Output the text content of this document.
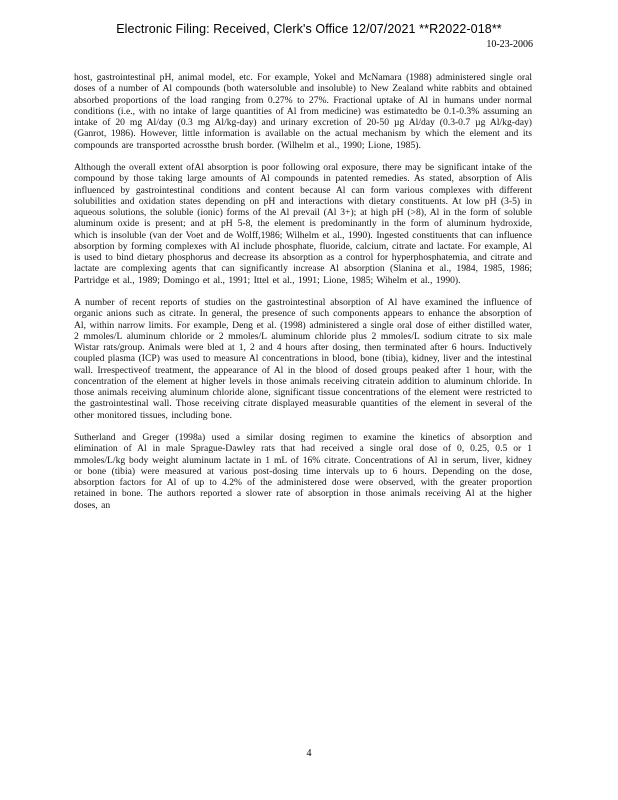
Electronic Filing: Received, Clerk's Office 12/07/2021 **R2022-018**
10-23-2006

host, gastrointestinal pH, animal model, etc. For example, Yokel and McNamara (1988) administered single oral doses of a number of Al compounds (both watersoluble and insoluble) to New Zealand white rabbits and obtained absorbed proportions of the load ranging from 0.27% to 27%. Fractional uptake of Al in humans under normal conditions (i.e., with no intake of large quantities of Al from medicine) was estimatedto be 0.1-0.3% assuming an intake of 20 mg Al/day (0.3 mg Al/kg-day) and urinary excretion of 20-50 µg Al/day (0.3-0.7 µg Al/kg-day) (Ganrot, 1986). However, little information is available on the actual mechanism by which the element and its compounds are transported acrossthe brush border. (Wilhelm et al., 1990; Lione, 1985).

Although the overall extent ofAl absorption is poor following oral exposure, there may be significant intake of the compound by those taking large amounts of Al compounds in patented remedies. As stated, absorption of Alis influenced by gastrointestinal conditions and content because Al can form various complexes with different solubilities and oxidation states depending on pH and interactions with dietary constituents. At low pH (3-5) in aqueous solutions, the soluble (ionic) forms of the Al prevail (Al 3+); at high pH (>8), Al in the form of soluble aluminum oxide is present; and at pH 5-8, the element is predominantly in the form of aluminum hydroxide, which is insoluble (van der Voet and de Wolff,1986; Wilhelm et al., 1990). Ingested constituents that can influence absorption by forming complexes with Al include phosphate, fluoride, calcium, citrate and lactate. For example, Al is used to bind dietary phosphorus and decrease its absorption as a control for hyperphosphatemia, and citrate and lactate are complexing agents that can significantly increase Al absorption (Slanina et al., 1984, 1985, 1986; Partridge et al., 1989; Domingo et al., 1991; Ittel et al., 1991; Lione, 1985; Wihelm et al., 1990).

A number of recent reports of studies on the gastrointestinal absorption of Al have examined the influence of organic anions such as citrate. In general, the presence of such components appears to enhance the absorption of Al, within narrow limits. For example, Deng et al. (1998) administered a single oral dose of either distilled water, 2 mmoles/L aluminum chloride or 2 mmoles/L aluminum chloride plus 2 mmoles/L sodium citrate to six male Wistar rats/group. Animals were bled at 1, 2 and 4 hours after dosing, then terminated after 6 hours. Inductively coupled plasma (ICP) was used to measure Al concentrations in blood, bone (tibia), kidney, liver and the intestinal wall. Irrespectiveof treatment, the appearance of Al in the blood of dosed groups peaked after 1 hour, with the concentration of the element at higher levels in those animals receiving citratein addition to aluminum chloride. In those animals receiving aluminum chloride alone, significant tissue concentrations of the element were restricted to the gastrointestinal wall. Those receiving citrate displayed measurable quantities of the element in several of the other monitored tissues, including bone.

Sutherland and Greger (1998a) used a similar dosing regimen to examine the kinetics of absorption and elimination of Al in male Sprague-Dawley rats that had received a single oral dose of 0, 0.25, 0.5 or 1 mmoles/L/kg body weight aluminum lactate in 1 mL of 16% citrate. Concentrations of Al in serum, liver, kidney or bone (tibia) were measured at various post-dosing time intervals up to 6 hours. Depending on the dose, absorption factors for Al of up to 4.2% of the administered dose were observed, with the greater proportion retained in bone. The authors reported a slower rate of absorption in those animals receiving Al at the higher doses, an

4
